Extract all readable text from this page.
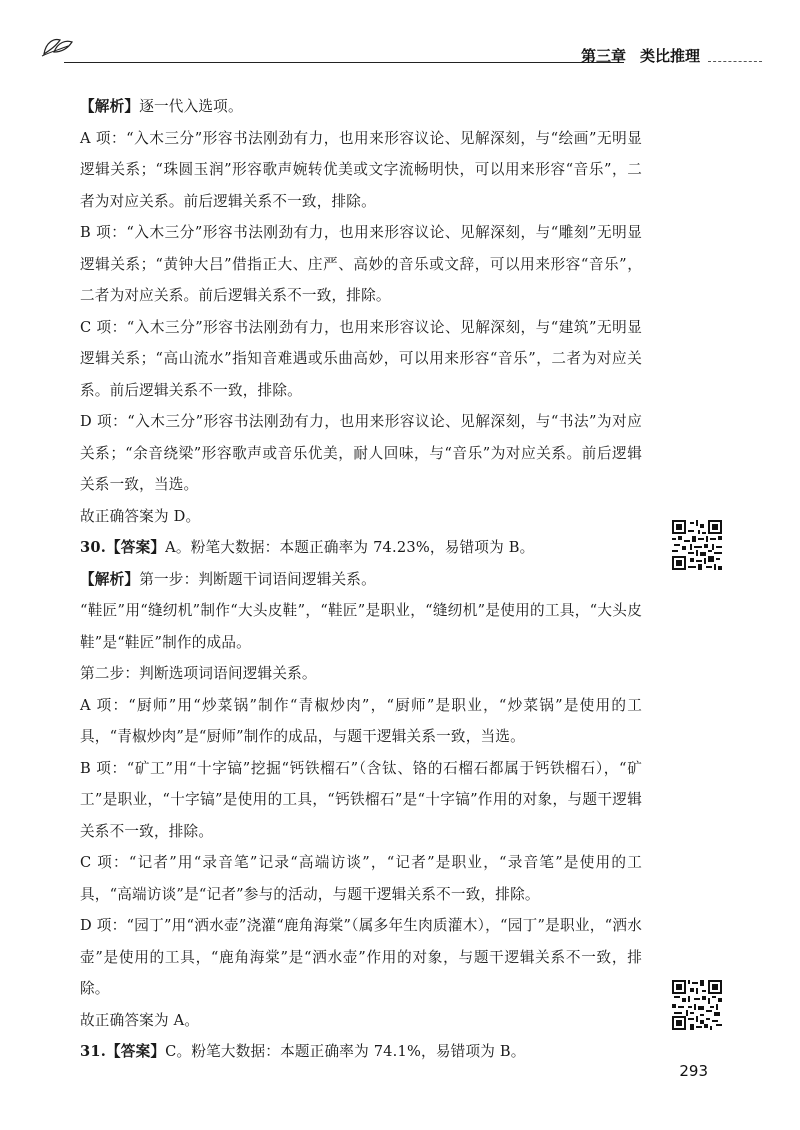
第三章 类比推理

【解析】逐一代入选项。

A 项：“入木三分”形容书法刚劲有力，也用来形容议论、见解深刻，与“绘画”无明显逻辑关系；“珠圆玉润”形容歌声婉转优美或文字流畅明快，可以用来形容“音乐”，二者为对应关系。前后逻辑关系不一致，排除。

B 项：“入木三分”形容书法刚劲有力，也用来形容议论、见解深刻，与“雕刻”无明显逻辑关系；“黄钟大吕”借指正大、庄严、高妙的音乐或文辞，可以用来形容“音乐”，二者为对应关系。前后逻辑关系不一致，排除。

C 项：“入木三分”形容书法刚劲有力，也用来形容议论、见解深刻，与“建筑”无明显逻辑关系；“高山流水”指知音难遇或乐曲高妙，可以用来形容“音乐”，二者为对应关系。前后逻辑关系不一致，排除。

D 项：“入木三分”形容书法刚劲有力，也用来形容议论、见解深刻，与“书法”为对应关系；“余音绕梁”形容歌声或音乐优美，耐人回味，与“音乐”为对应关系。前后逻辑关系一致，当选。

故正确答案为 D。

30.【答案】A。粉笔大数据：本题正确率为 74.23%，易错项为 B。

【解析】第一步：判断题干词语间逻辑关系。

“鞋匠”用“缝纫机”制作“大头皮鞋”，“鞋匠”是职业，“缝纫机”是使用的工具，“大头皮鞋”是“鞋匠”制作的成品。

第二步：判断选项词语间逻辑关系。

A 项：“厨师”用“炒菜锅”制作“青椒炒肉”，“厨师”是职业，“炒菜锅”是使用的工具，“青椒炒肉”是“厨师”制作的成品，与题干逻辑关系一致，当选。

B 项：“矿工”用“十字镐”挖掘“钙铁榴石”（含钛、铬的石榴石都属于钙铁榴石），“矿工”是职业，“十字镐”是使用的工具，“钙铁榴石”是“十字镐”作用的对象，与题干逻辑关系不一致，排除。

C 项：“记者”用“录音笔”记录“高端访谈”，“记者”是职业，“录音笔”是使用的工具，“高端访谈”是“记者”参与的活动，与题干逻辑关系不一致，排除。

D 项：“园丁”用“洒水壶”浇灌“鹿角海棠”（属多年生肉质灌木），“园丁”是职业，“洒水壶”是使用的工具，“鹿角海棠”是“洒水壶”作用的对象，与题干逻辑关系不一致，排除。

故正确答案为 A。

31.【答案】C。粉笔大数据：本题正确率为 74.1%，易错项为 B。

293
